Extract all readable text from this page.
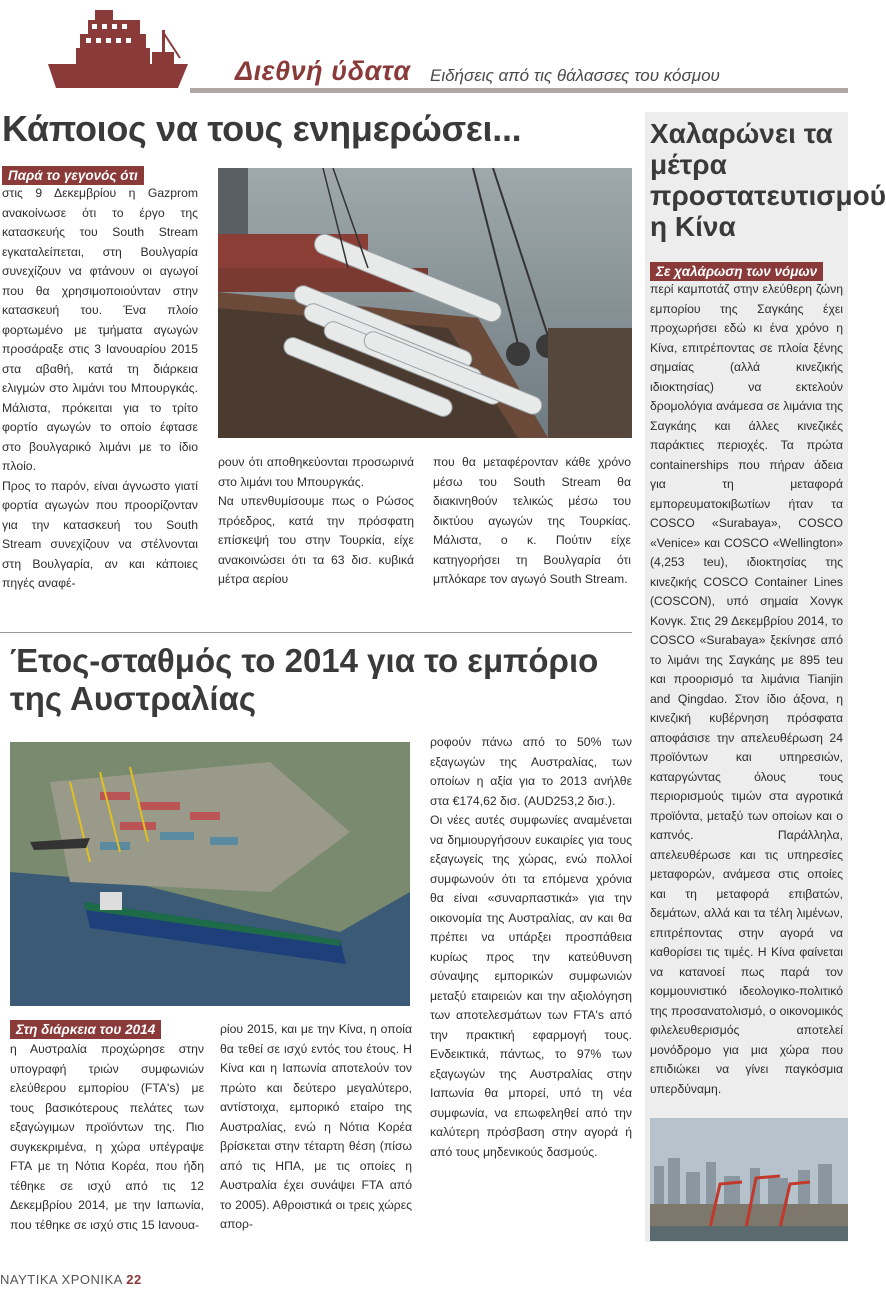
Διεθνή ύδατα Ειδήσεις από τις θάλασσες του κόσμου
Κάποιος να τους ενημερώσει...
Παρά το γεγονός ότι

στις 9 Δεκεμβρίου η Gazprom ανακοίνωσε ότι το έργο της κατασκευής του South Stream εγκαταλείπεται, στη Βουλγαρία συνεχίζουν να φτάνουν οι αγωγοί που θα χρησιμοποιούνταν στην κατασκευή του. Ένα πλοίο φορτωμένο με τμήματα αγωγών προσάραξε στις 3 Ιανουαρίου 2015 στα αβαθή, κατά τη διάρκεια ελιγμών στο λιμάνι του Μπουργκάς. Μάλιστα, πρόκειται για το τρίτο φορτίο αγωγών το οποίο έφτασε στο βουλγαρικό λιμάνι με το ίδιο πλοίο.

Προς το παρόν, είναι άγνωστο γιατί φορτία αγωγών που προορίζονταν για την κατασκευή του South Stream συνεχίζουν να στέλνονται στη Βουλγαρία, αν και κάποιες πηγές αναφέ-

ρουν ότι αποθηκεύονται προσωρινά στο λιμάνι του Μπουργκάς.

Να υπενθυμίσουμε πως ο Ρώσος πρόεδρος, κατά την πρόσφατη επίσκεψή του στην Τουρκία, είχε ανακοινώσει ότι τα 63 δισ. κυβικά μέτρα αερίου

που θα μεταφέρονταν κάθε χρόνο μέσω του South Stream θα διακινηθούν τελικώς μέσω του δικτύου αγωγών της Τουρκίας. Μάλιστα, ο κ. Πούτιν είχε κατηγορήσει τη Βουλγαρία ότι μπλόκαρε τον αγωγό South Stream.

Χαλαρώνει τα μέτρα προστατευτισμού η Κίνα
Σε χαλάρωση των νόμων

περί καμποτάζ στην ελεύθερη ζώνη εμπορίου της Σαγκάης έχει προχωρήσει εδώ κι ένα χρόνο η Κίνα, επιτρέποντας σε πλοία ξένης σημαίας (αλλά κινεζικής ιδιοκτησίας) να εκτελούν δρομολόγια ανάμεσα σε λιμάνια της Σαγκάης και άλλες κινεζικές παράκτιες περιοχές. Τα πρώτα containerships που πήραν άδεια για τη μεταφορά εμπορευματοκιβωτίων ήταν τα COSCO «Surabaya», COSCO «Venice» και COSCO «Wellington» (4,253 teu), ιδιοκτησίας της κινεζικής COSCO Container Lines (COSCON), υπό σημαία Χονγκ Κονγκ. Στις 29 Δεκεμβρίου 2014, το COSCO «Surabaya» ξεκίνησε από το λιμάνι της Σαγκάης με 895 teu και προορισμό τα λιμάνια Tianjin and Qingdao. Στον ίδιο άξονα, η κινεζική κυβέρνηση πρόσφατα αποφάσισε την απελευθέρωση 24 προϊόντων και υπηρεσιών, καταργώντας όλους τους περιορισμούς τιμών στα αγροτικά προϊόντα, μεταξύ των οποίων και ο καπνός. Παράλληλα, απελευθέρωσε και τις υπηρεσίες μεταφορών, ανάμεσα στις οποίες και τη μεταφορά επιβατών, δεμάτων, αλλά και τα τέλη λιμένων, επιτρέποντας στην αγορά να καθορίσει τις τιμές. Η Κίνα φαίνεται να κατανοεί πως παρά τον κομμουνιστικό ιδεολογικο-πολιτικό της προσανατολισμό, ο οικονομικός φιλελευθερισμός αποτελεί μονόδρομο για μια χώρα που επιδιώκει να γίνει παγκόσμια υπερδύναμη.

Έτος-σταθμός το 2014 για το εμπόριο της Αυστραλίας
Στη διάρκεια του 2014

η Αυστραλία προχώρησε στην υπογραφή τριών συμφωνιών ελεύθερου εμπορίου (FTA's) με τους βασικότερους πελάτες των εξαγώγιμων προϊόντων της. Πιο συγκεκριμένα, η χώρα υπέγραψε FTA με τη Νότια Κορέα, που ήδη τέθηκε σε ισχύ από τις 12 Δεκεμβρίου 2014, με την Ιαπωνία, που τέθηκε σε ισχύ στις 15 Ιανουα-

ρίου 2015, και με την Κίνα, η οποία θα τεθεί σε ισχύ εντός του έτους. Η Κίνα και η Ιαπωνία αποτελούν τον πρώτο και δεύτερο μεγαλύτερο, αντίστοιχα, εμπορικό εταίρο της Αυστραλίας, ενώ η Νότια Κορέα βρίσκεται στην τέταρτη θέση (πίσω από τις ΗΠΑ, με τις οποίες η Αυστραλία έχει συνάψει FTA από το 2005). Αθροιστικά οι τρεις χώρες απορ-

ροφούν πάνω από το 50% των εξαγωγών της Αυστραλίας, των οποίων η αξία για το 2013 ανήλθε στα €174,62 δισ. (AUD253,2 δισ.).

Οι νέες αυτές συμφωνίες αναμένεται να δημιουργήσουν ευκαιρίες για τους εξαγωγείς της χώρας, ενώ πολλοί συμφωνούν ότι τα επόμενα χρόνια θα είναι «συναρπαστικά» για την οικονομία της Αυστραλίας, αν και θα πρέπει να υπάρξει προσπάθεια κυρίως προς την κατεύθυνση σύναψης εμπορικών συμφωνιών μεταξύ εταιρειών και την αξιολόγηση των αποτελεσμάτων των FTA's από την πρακτική εφαρμογή τους. Ενδεικτικά, πάντως, το 97% των εξαγωγών της Αυστραλίας στην Ιαπωνία θα μπορεί, υπό τη νέα συμφωνία, να επωφεληθεί από την καλύτερη πρόσβαση στην αγορά ή από τους μηδενικούς δασμούς.

ΝΑΥΤΙΚΑ ΧΡΟΝΙΚΑ 22
